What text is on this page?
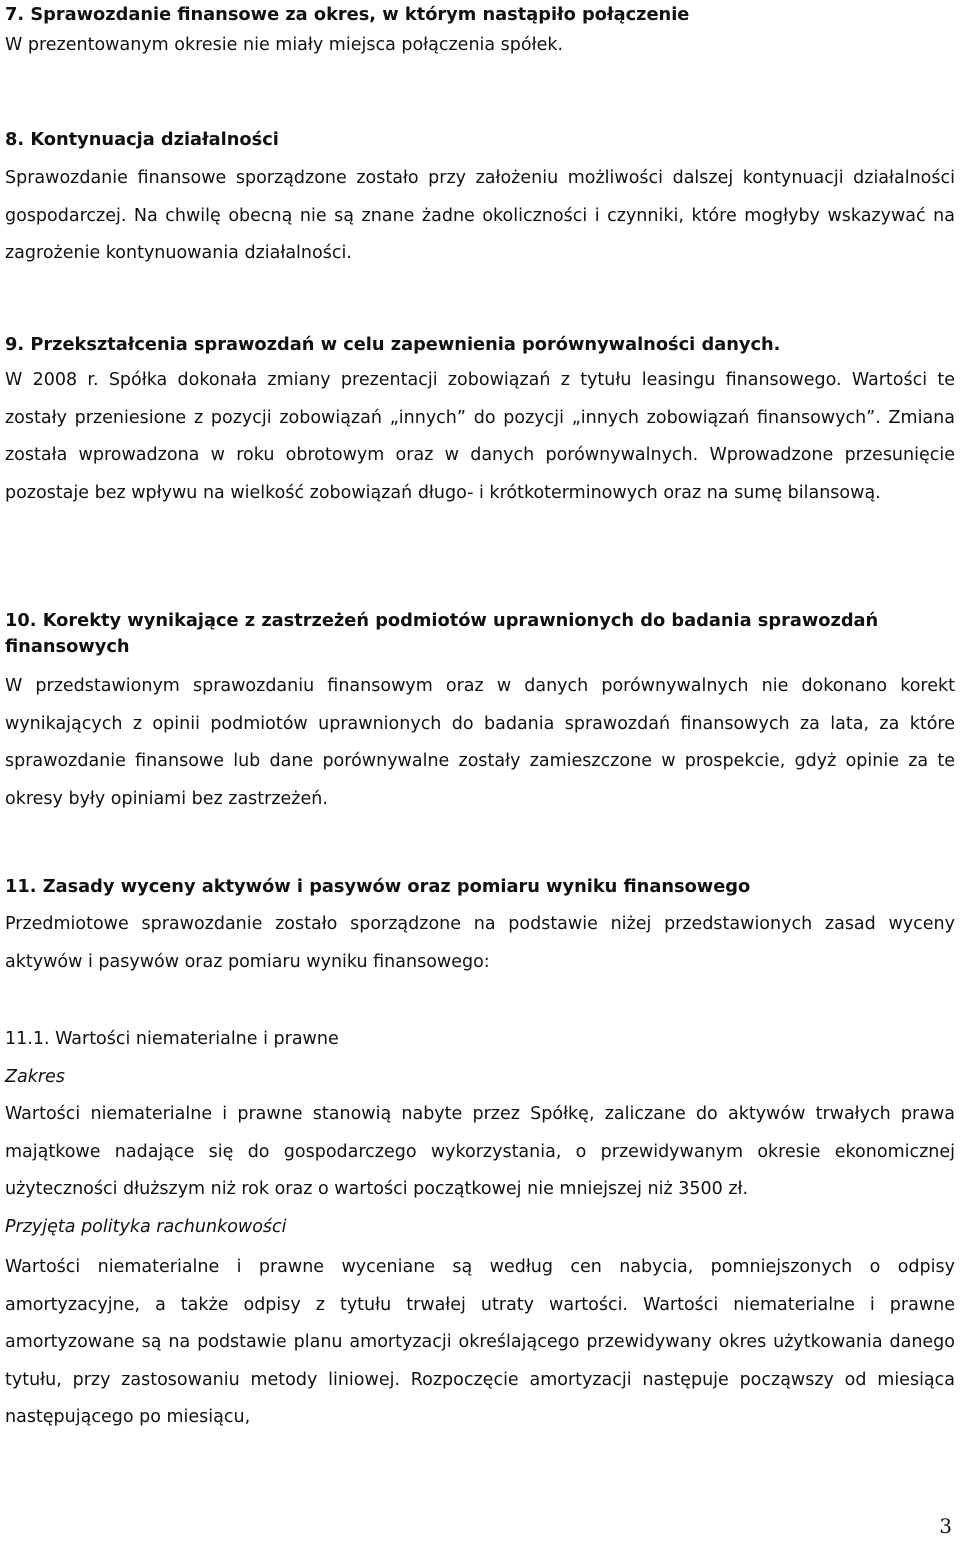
7. Sprawozdanie finansowe za okres, w którym nastąpiło połączenie
W prezentowanym okresie nie miały miejsca połączenia spółek.
8. Kontynuacja działalności
Sprawozdanie finansowe sporządzone zostało przy założeniu możliwości dalszej kontynuacji działalności gospodarczej. Na chwilę obecną nie są znane żadne okoliczności i czynniki, które mogłyby wskazywać na zagrożenie kontynuowania działalności.
9. Przekształcenia sprawozdań w celu zapewnienia porównywalności danych.
W 2008 r. Spółka dokonała zmiany prezentacji zobowiązań z tytułu leasingu finansowego. Wartości te zostały przeniesione z pozycji zobowiązań „innych” do pozycji „innych zobowiązań finansowych”. Zmiana została wprowadzona w roku obrotowym oraz w danych porównywalnych. Wprowadzone przesunięcie pozostaje bez wpływu na wielkość zobowiązań długo- i krótkoterminowych oraz na sumę bilansową.
10. Korekty wynikające z zastrzeżeń podmiotów uprawnionych do badania sprawozdań finansowych
W przedstawionym sprawozdaniu finansowym oraz w danych porównywalnych nie dokonano korekt wynikających z opinii podmiotów uprawnionych do badania sprawozdań finansowych za lata, za które sprawozdanie finansowe lub dane porównywalne zostały zamieszczone w prospekcie, gdyż opinie za te okresy były opiniami bez zastrzeżeń.
11. Zasady wyceny aktywów i pasywów oraz pomiaru wyniku finansowego
Przedmiotowe sprawozdanie zostało sporządzone na podstawie niżej przedstawionych zasad wyceny aktywów i pasywów oraz pomiaru wyniku finansowego:
11.1. Wartości niematerialne i prawne
Zakres
Wartości niematerialne i prawne stanowią nabyte przez Spółkę, zaliczane do aktywów trwałych prawa majątkowe nadające się do gospodarczego wykorzystania, o przewidywanym okresie ekonomicznej użyteczności dłuższym niż rok oraz o wartości początkowej nie mniejszej niż 3500 zł.
Przyjęta polityka rachunkowości
Wartości niematerialne i prawne wyceniane są według cen nabycia, pomniejszonych o odpisy amortyzacyjne, a także odpisy z tytułu trwałej utraty wartości. Wartości niematerialne i prawne amortyzowane są na podstawie planu amortyzacji określającego przewidywany okres użytkowania danego tytułu, przy zastosowaniu metody liniowej. Rozpoczęcie amortyzacji następuje począwszy od miesiąca następującego po miesiącu,
3
